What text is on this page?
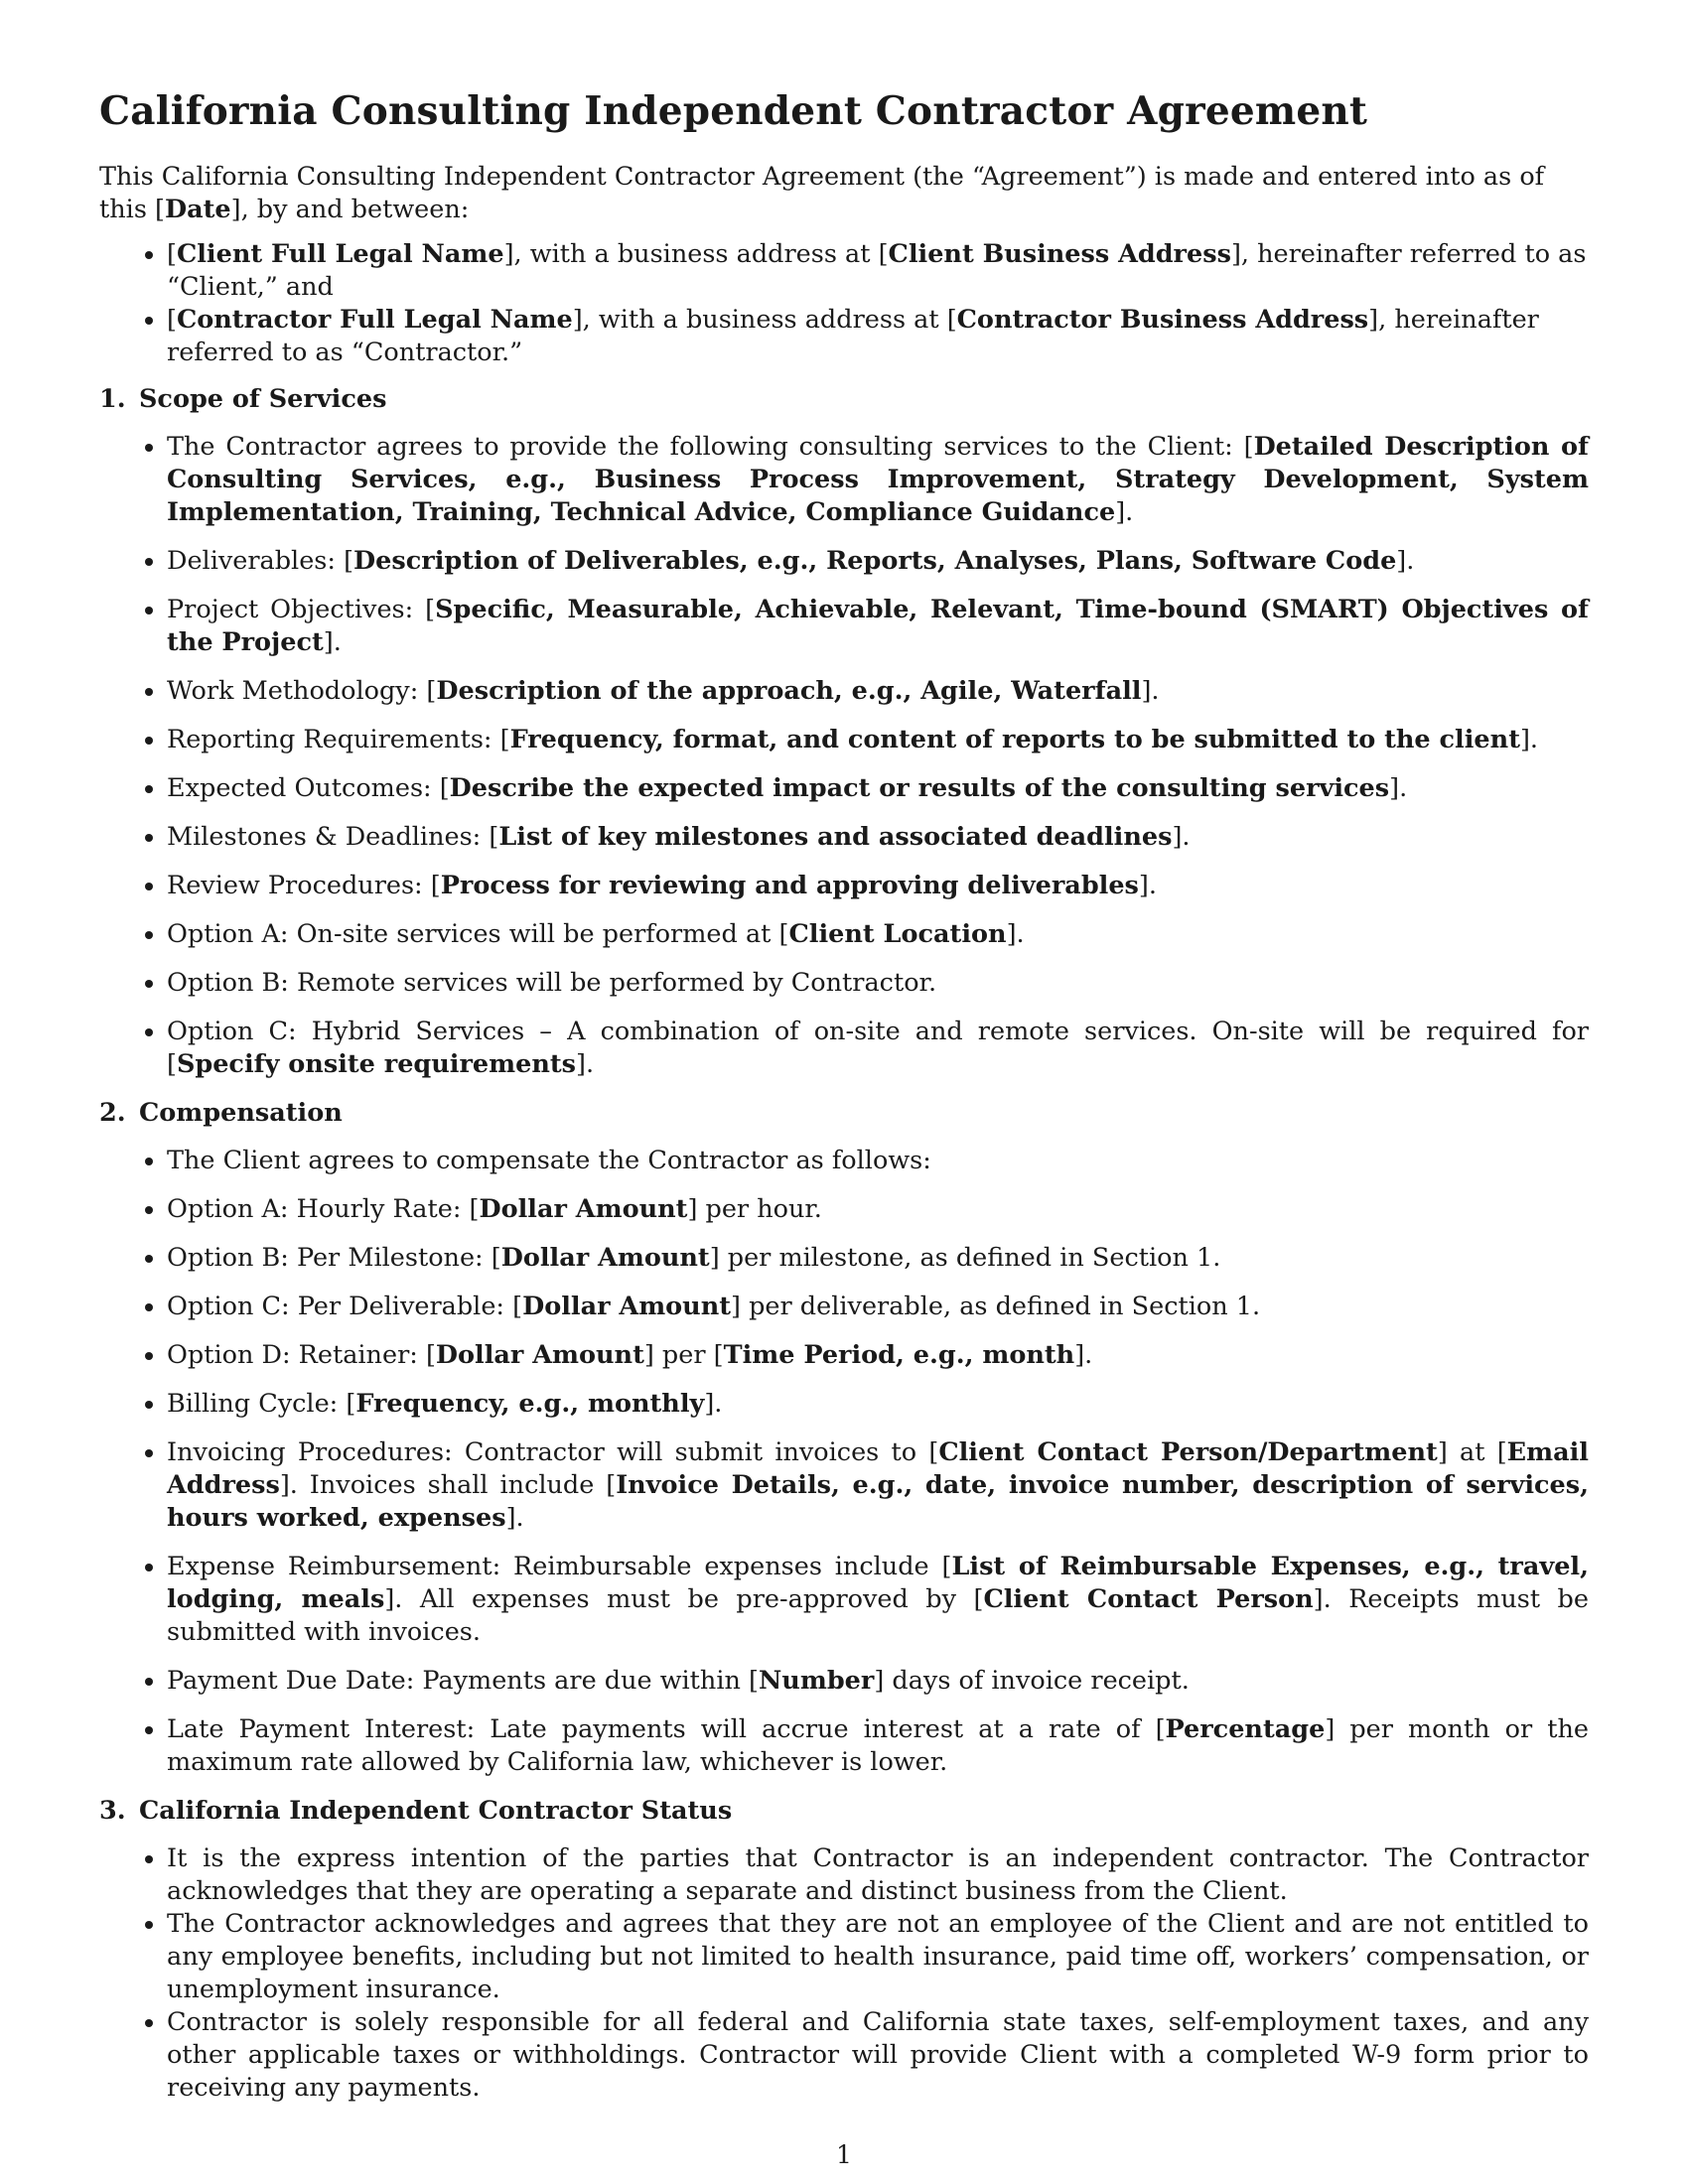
California Consulting Independent Contractor Agreement

This California Consulting Independent Contractor Agreement (the “Agreement”) is made and entered into as of this [Date], by and between:

• [Client Full Legal Name], with a business address at [Client Business Address], hereinafter referred to as “Client,” and
• [Contractor Full Legal Name], with a business address at [Contractor Business Address], hereinafter referred to as “Contractor.”
1. Scope of Services
• The Contractor agrees to provide the following consulting services to the Client: [Detailed Description of Consulting Services, e.g., Business Process Improvement, Strategy Development, System Implementation, Training, Technical Advice, Compliance Guidance].
• Deliverables: [Description of Deliverables, e.g., Reports, Analyses, Plans, Software Code].
• Project Objectives: [Specific, Measurable, Achievable, Relevant, Time-bound (SMART) Objectives of the Project].
• Work Methodology: [Description of the approach, e.g., Agile, Waterfall].
• Reporting Requirements: [Frequency, format, and content of reports to be submitted to the client].
• Expected Outcomes: [Describe the expected impact or results of the consulting services].
• Milestones & Deadlines: [List of key milestones and associated deadlines].
• Review Procedures: [Process for reviewing and approving deliverables].
• Option A: On-site services will be performed at [Client Location].
• Option B: Remote services will be performed by Contractor.
• Option C: Hybrid Services – A combination of on-site and remote services. On-site will be required for [Specify onsite requirements].
2. Compensation
• The Client agrees to compensate the Contractor as follows:
• Option A: Hourly Rate: [Dollar Amount] per hour.
• Option B: Per Milestone: [Dollar Amount] per milestone, as defined in Section 1.
• Option C: Per Deliverable: [Dollar Amount] per deliverable, as defined in Section 1.
• Option D: Retainer: [Dollar Amount] per [Time Period, e.g., month].
• Billing Cycle: [Frequency, e.g., monthly].
• Invoicing Procedures: Contractor will submit invoices to [Client Contact Person/Department] at [Email Address]. Invoices shall include [Invoice Details, e.g., date, invoice number, description of services, hours worked, expenses].
• Expense Reimbursement: Reimbursable expenses include [List of Reimbursable Expenses, e.g., travel, lodging, meals]. All expenses must be pre-approved by [Client Contact Person]. Receipts must be submitted with invoices.
• Payment Due Date: Payments are due within [Number] days of invoice receipt.
• Late Payment Interest: Late payments will accrue interest at a rate of [Percentage] per month or the maximum rate allowed by California law, whichever is lower.
3. California Independent Contractor Status
• It is the express intention of the parties that Contractor is an independent contractor. The Contractor acknowledges that they are operating a separate and distinct business from the Client.
• The Contractor acknowledges and agrees that they are not an employee of the Client and are not entitled to any employee benefits, including but not limited to health insurance, paid time off, workers’ compensation, or unemployment insurance.
• Contractor is solely responsible for all federal and California state taxes, self-employment taxes, and any other applicable taxes or withholdings. Contractor will provide Client with a completed W-9 form prior to receiving any payments.
1
